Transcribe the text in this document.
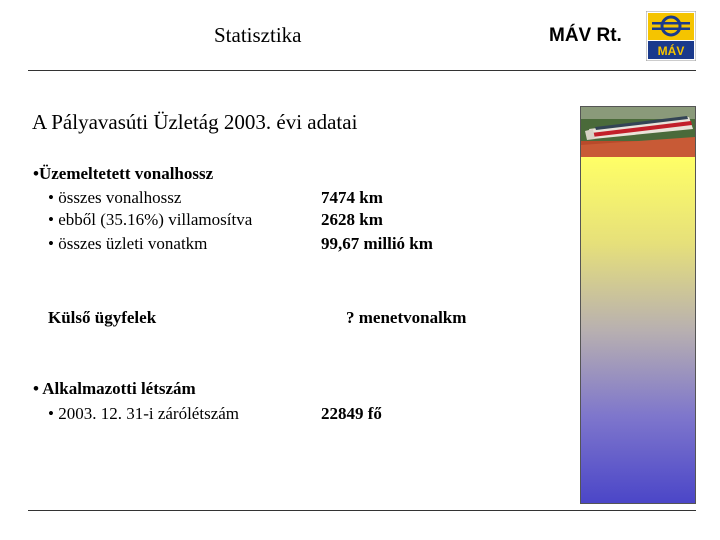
Statisztika	MÁV Rt.
MÁV
A Pályavasúti Üzletág 2003. évi adatai
•Üzemeltetett vonalhossz
• összes vonalhossz	7474 km
• ebből (35.16%) villamosítva	2628 km
• összes üzleti vonatkm	99,67 millió km
Külső ügyfelek	? menetvonalkm
• Alkalmazotti létszám
• 2003. 12. 31-i zárólétszám	22849 fő
